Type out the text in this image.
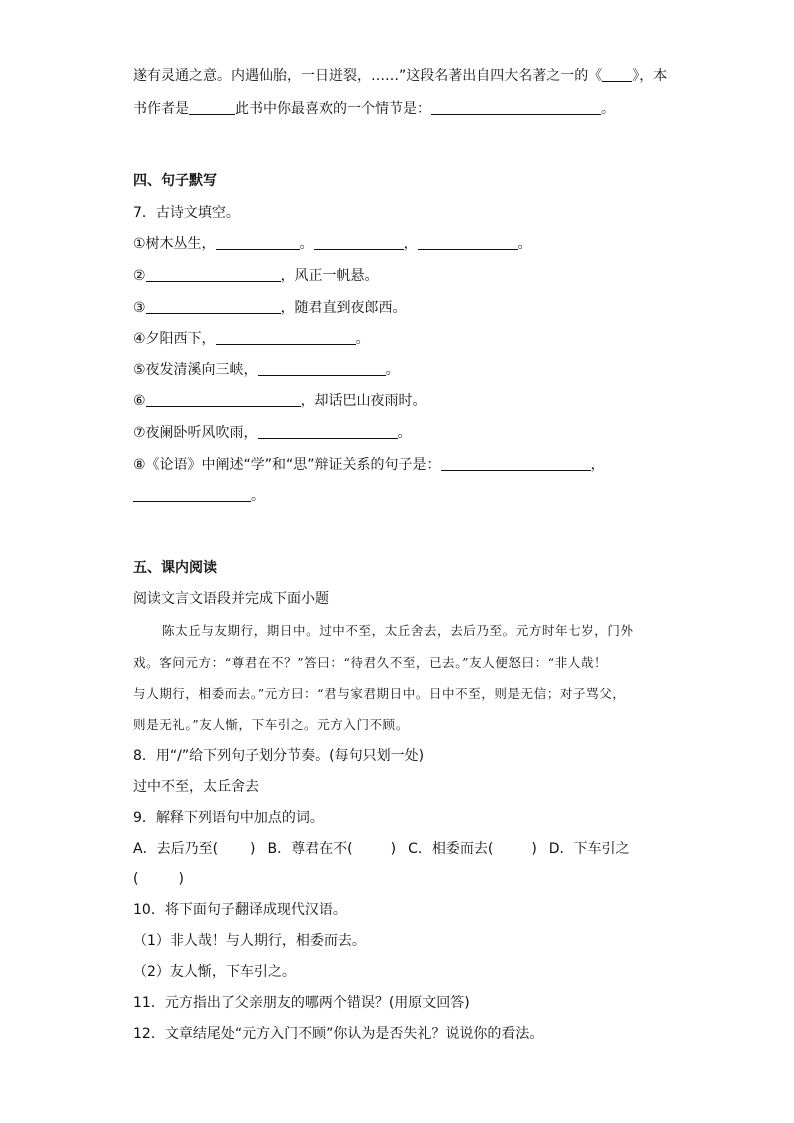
遂有灵通之意。内遇仙胎，一日迸裂，……”这段名著出自四大名著之一的《 》，本
书作者是	此书中你最喜欢的一个情节是：	。
四、句子默写
7．古诗文填空。
①树木丛生，	。	，	。
②	，风正一帆悬。
③	，随君直到夜郎西。
④夕阳西下，	。
⑤夜发清溪向三峡，	。
⑥	，却话巴山夜雨时。
⑦夜阑卧听风吹雨，	。
⑧《论语》中阐述“学”和“思”辩证关系的句子是：	，
。
五、课内阅读
阅读文言文语段并完成下面小题
陈太丘与友期行，期日中。过中不至，太丘舍去，去后乃至。元方时年七岁，门外
戏。客问元方：“尊君在不？”答曰：“待君久不至，已去。”友人便怒曰：“非人哉！
与人期行，相委而去。”元方曰：“君与家君期日中。日中不至，则是无信；对子骂父，
则是无礼。”友人惭，下车引之。元方入门不顾。
8．用“/”给下列句子划分节奏。(每句只划一处)
过中不至，太丘舍去
9．解释下列语句中加点的词。
A．去后乃至( ) B．尊君在不(	) C．相委而去(	) D．下车引之
(	)
10．将下面句子翻译成现代汉语。
（1）非人哉！与人期行，相委而去。
（2）友人惭，下车引之。
11．元方指出了父亲朋友的哪两个错误？(用原文回答)
12．文章结尾处“元方入门不顾”你认为是否失礼？说说你的看法。
